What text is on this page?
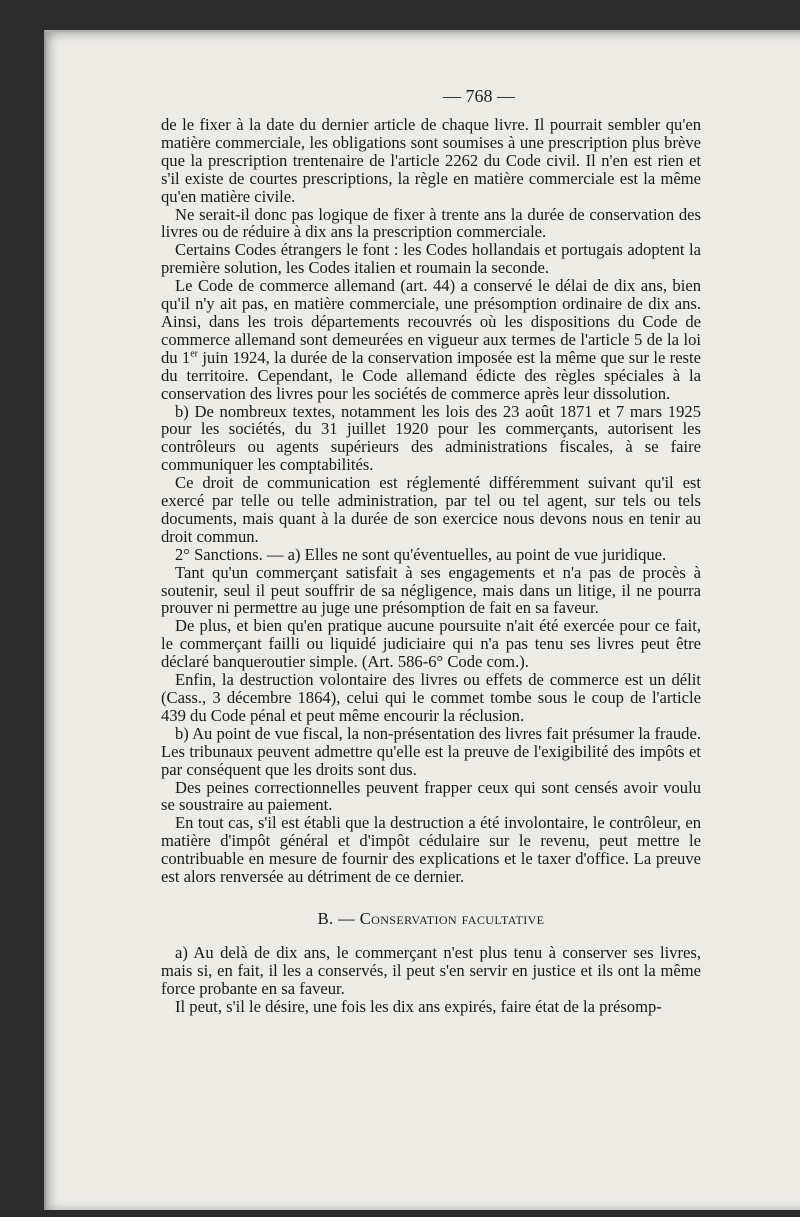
— 768 —

de le fixer à la date du dernier article de chaque livre. Il pourrait sembler qu'en matière commerciale, les obligations sont soumises à une prescription plus brève que la prescription trentenaire de l'article 2262 du Code civil. Il n'en est rien et s'il existe de courtes prescriptions, la règle en matière commerciale est la même qu'en matière civile.

Ne serait-il donc pas logique de fixer à trente ans la durée de conservation des livres ou de réduire à dix ans la prescription commerciale.

Certains Codes étrangers le font : les Codes hollandais et portugais adoptent la première solution, les Codes italien et roumain la seconde.

Le Code de commerce allemand (art. 44) a conservé le délai de dix ans, bien qu'il n'y ait pas, en matière commerciale, une présomption ordinaire de dix ans. Ainsi, dans les trois départements recouvrés où les dispositions du Code de commerce allemand sont demeurées en vigueur aux termes de l'article 5 de la loi du 1er juin 1924, la durée de la conservation imposée est la même que sur le reste du territoire. Cependant, le Code allemand édicte des règles spéciales à la conservation des livres pour les sociétés de commerce après leur dissolution.

b) De nombreux textes, notamment les lois des 23 août 1871 et 7 mars 1925 pour les sociétés, du 31 juillet 1920 pour les commerçants, autorisent les contrôleurs ou agents supérieurs des administrations fiscales, à se faire communiquer les comptabilités.

Ce droit de communication est réglementé différemment suivant qu'il est exercé par telle ou telle administration, par tel ou tel agent, sur tels ou tels documents, mais quant à la durée de son exercice nous devons nous en tenir au droit commun.

2° Sanctions. — a) Elles ne sont qu'éventuelles, au point de vue juridique.

Tant qu'un commerçant satisfait à ses engagements et n'a pas de procès à soutenir, seul il peut souffrir de sa négligence, mais dans un litige, il ne pourra prouver ni permettre au juge une présomption de fait en sa faveur.

De plus, et bien qu'en pratique aucune poursuite n'ait été exercée pour ce fait, le commerçant failli ou liquidé judiciaire qui n'a pas tenu ses livres peut être déclaré banqueroutier simple. (Art. 586-6° Code com.).

Enfin, la destruction volontaire des livres ou effets de commerce est un délit (Cass., 3 décembre 1864), celui qui le commet tombe sous le coup de l'article 439 du Code pénal et peut même encourir la réclusion.

b) Au point de vue fiscal, la non-présentation des livres fait présumer la fraude. Les tribunaux peuvent admettre qu'elle est la preuve de l'exigibilité des impôts et par conséquent que les droits sont dus.

Des peines correctionnelles peuvent frapper ceux qui sont censés avoir voulu se soustraire au paiement.

En tout cas, s'il est établi que la destruction a été involontaire, le contrôleur, en matière d'impôt général et d'impôt cédulaire sur le revenu, peut mettre le contribuable en mesure de fournir des explications et le taxer d'office. La preuve est alors renversée au détriment de ce dernier.

B. — Conservation facultative

a) Au delà de dix ans, le commerçant n'est plus tenu à conserver ses livres, mais si, en fait, il les a conservés, il peut s'en servir en justice et ils ont la même force probante en sa faveur.

Il peut, s'il le désire, une fois les dix ans expirés, faire état de la présomp-
